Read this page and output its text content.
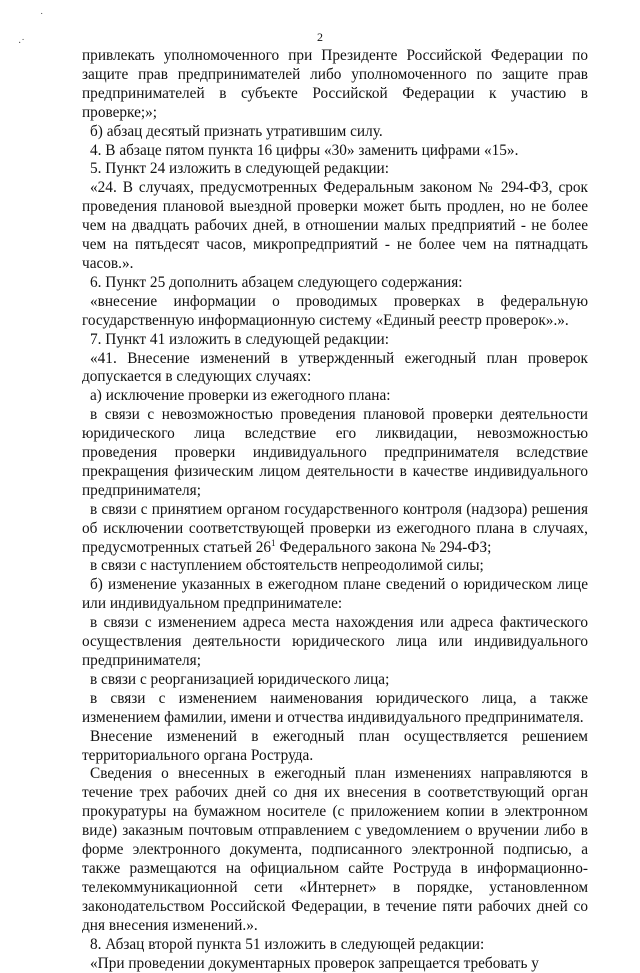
˙
·˙	2

привлекать уполномоченного при Президенте Российской Федерации по защите прав предпринимателей либо уполномоченного по защите прав предпринимателей в субъекте Российской Федерации к участию в проверке;»;

б) абзац десятый признать утратившим силу.

4. В абзаце пятом пункта 16 цифры «30» заменить цифрами «15».

5. Пункт 24 изложить в следующей редакции:

«24. В случаях, предусмотренных Федеральным законом № 294-ФЗ, срок проведения плановой выездной проверки может быть продлен, но не более чем на двадцать рабочих дней, в отношении малых предприятий - не более чем на пятьдесят часов, микропредприятий - не более чем на пятнадцать часов.».

6. Пункт 25 дополнить абзацем следующего содержания:

«внесение информации о проводимых проверках в федеральную государственную информационную систему «Единый реестр проверок».».

7. Пункт 41 изложить в следующей редакции:

«41. Внесение изменений в утвержденный ежегодный план проверок допускается в следующих случаях:

а) исключение проверки из ежегодного плана:

в связи с невозможностью проведения плановой проверки деятельности юридического лица вследствие его ликвидации, невозможностью проведения проверки индивидуального предпринимателя вследствие прекращения физическим лицом деятельности в качестве индивидуального предпринимателя;

в связи с принятием органом государственного контроля (надзора) решения об исключении соответствующей проверки из ежегодного плана в случаях, предусмотренных статьей $26^1$ Федерального закона № 294-ФЗ;

в связи с наступлением обстоятельств непреодолимой силы;

б) изменение указанных в ежегодном плане сведений о юридическом лице или индивидуальном предпринимателе:

в связи с изменением адреса места нахождения или адреса фактического осуществления деятельности юридического лица или индивидуального предпринимателя;

в связи с реорганизацией юридического лица;

в связи с изменением наименования юридического лица, а также изменением фамилии, имени и отчества индивидуального предпринимателя.

Внесение изменений в ежегодный план осуществляется решением территориального органа Роструда.

Сведения о внесенных в ежегодный план изменениях направляются в течение трех рабочих дней со дня их внесения в соответствующий орган прокуратуры на бумажном носителе (с приложением копии в электронном виде) заказным почтовым отправлением с уведомлением о вручении либо в форме электронного документа, подписанного электронной подписью, а также размещаются на официальном сайте Роструда в информационно-телекоммуникационной сети «Интернет» в порядке, установленном законодательством Российской Федерации, в течение пяти рабочих дней со дня внесения изменений.».

8. Абзац второй пункта 51 изложить в следующей редакции:

«При проведении документарных проверок запрещается требовать у
